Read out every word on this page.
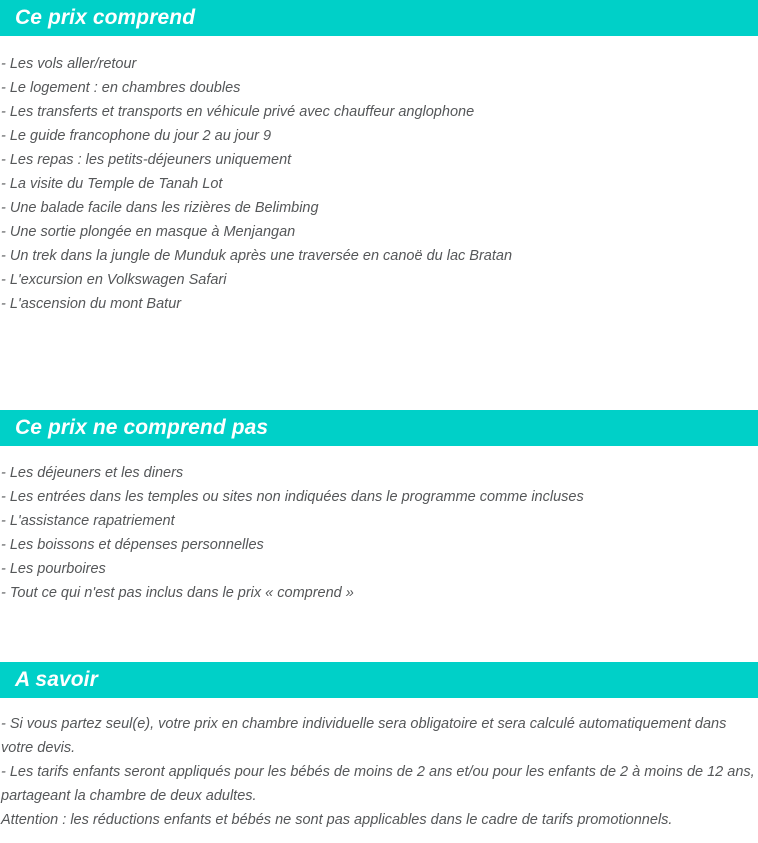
Ce prix comprend
- Les vols aller/retour
- Le logement : en chambres doubles
- Les transferts et transports en véhicule privé avec chauffeur anglophone
- Le guide francophone du jour 2 au jour 9
- Les repas : les petits-déjeuners uniquement
- La visite du Temple de Tanah Lot
- Une balade facile dans les rizières de Belimbing
- Une sortie plongée en masque à Menjangan
- Un trek dans la jungle de Munduk après une traversée en canoë du lac Bratan
- L'excursion en Volkswagen Safari
- L'ascension du mont Batur
Ce prix ne comprend pas
- Les déjeuners et les diners
- Les entrées dans les temples ou sites non indiquées dans le programme comme incluses
- L'assistance rapatriement
- Les boissons et dépenses personnelles
- Les pourboires
- Tout ce qui n'est pas inclus dans le prix « comprend »
A savoir
- Si vous partez seul(e), votre prix en chambre individuelle sera obligatoire et sera calculé automatiquement dans votre devis.
- Les tarifs enfants seront appliqués pour les bébés de moins de 2 ans et/ou pour les enfants de 2 à moins de 12 ans, partageant la chambre de deux adultes.
Attention : les réductions enfants et bébés ne sont pas applicables dans le cadre de tarifs promotionnels.
